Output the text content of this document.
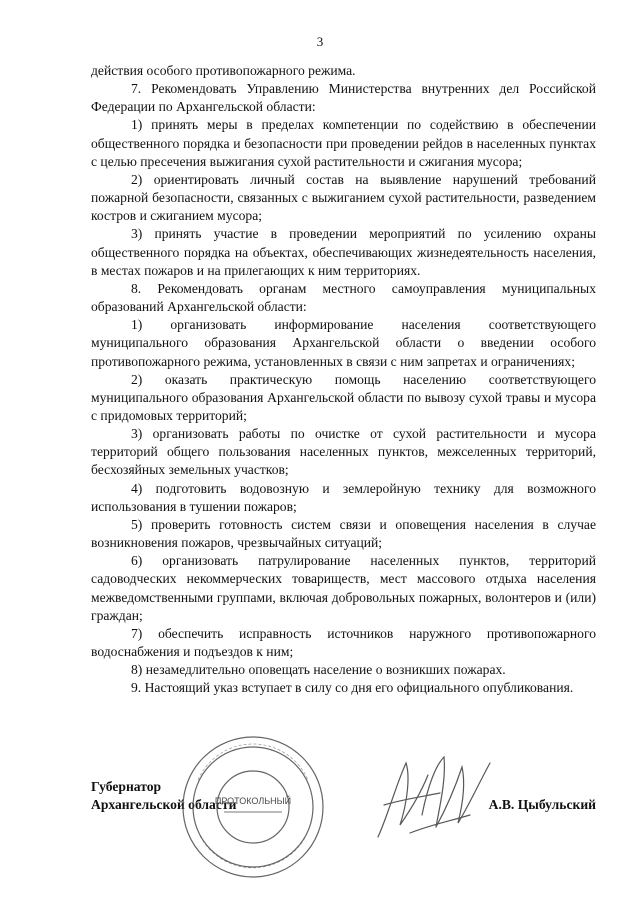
3

действия особого противопожарного режима.

7. Рекомендовать Управлению Министерства внутренних дел Российской Федерации по Архангельской области:

1) принять меры в пределах компетенции по содействию в обеспечении общественного порядка и безопасности при проведении рейдов в населенных пунктах с целью пресечения выжигания сухой растительности и сжигания мусора;

2) ориентировать личный состав на выявление нарушений требований пожарной безопасности, связанных с выжиганием сухой растительности, разведением костров и сжиганием мусора;

3) принять участие в проведении мероприятий по усилению охраны общественного порядка на объектах, обеспечивающих жизнедеятельность населения, в местах пожаров и на прилегающих к ним территориях.

8. Рекомендовать органам местного самоуправления муниципальных образований Архангельской области:

1) организовать информирование населения соответствующего муниципального образования Архангельской области о введении особого противопожарного режима, установленных в связи с ним запретах и ограничениях;

2) оказать практическую помощь населению соответствующего муниципального образования Архангельской области по вывозу сухой травы и мусора с придомовых территорий;

3) организовать работы по очистке от сухой растительности и мусора территорий общего пользования населенных пунктов, межселенных территорий, бесхозяйных земельных участков;

4) подготовить водовозную и землеройную технику для возможного использования в тушении пожаров;

5) проверить готовность систем связи и оповещения населения в случае возникновения пожаров, чрезвычайных ситуаций;

6) организовать патрулирование населенных пунктов, территорий садоводческих некоммерческих товариществ, мест массового отдыха населения межведомственными группами, включая добровольных пожарных, волонтеров и (или) граждан;

7) обеспечить исправность источников наружного противопожарного водоснабжения и подъездов к ним;

8) незамедлительно оповещать население о возникших пожарах.

9. Настоящий указ вступает в силу со дня его официального опубликования.

Губернатор
Архангельской области	А.В. Цыбульский
ПРОТОКОЛЬНЫЙ
